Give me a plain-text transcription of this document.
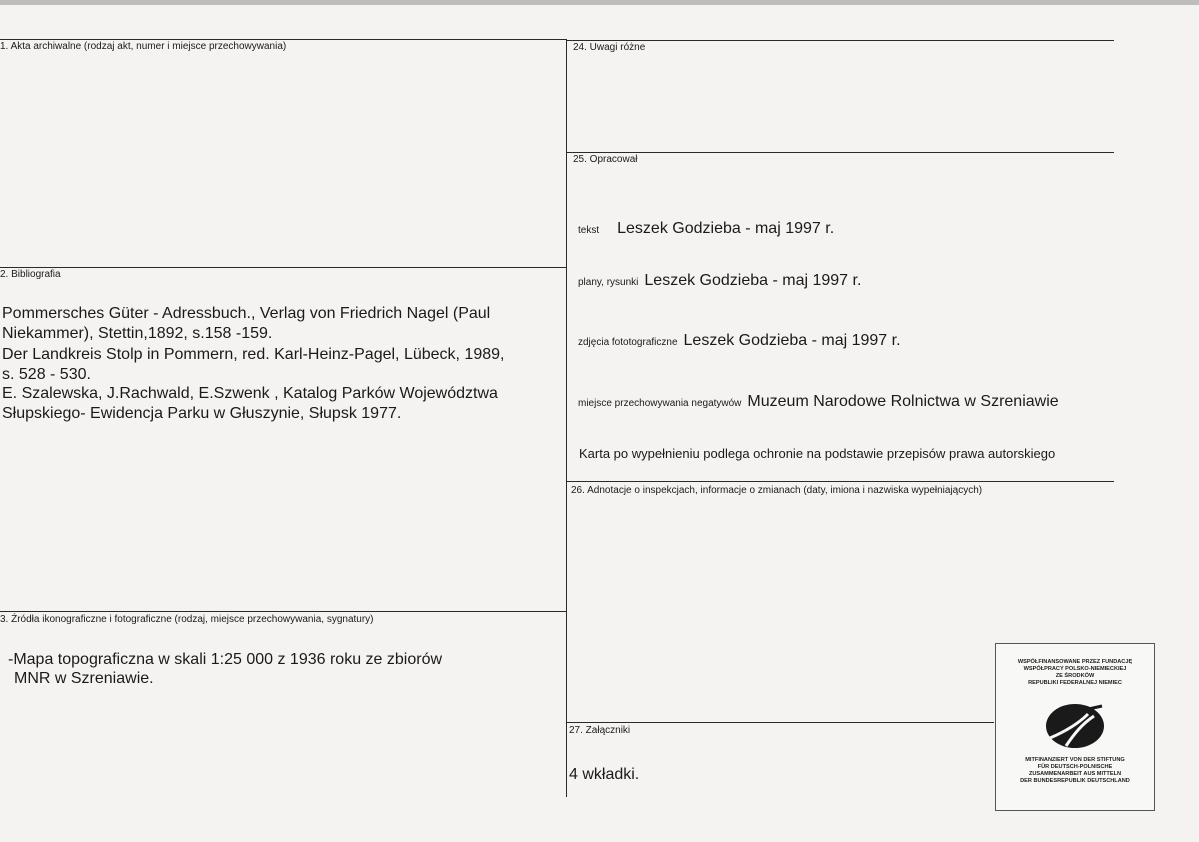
1. Akta archiwalne (rodzaj akt, numer i miejsce przechowywania)
2. Bibliografia
Pommersches Güter - Adressbuch., Verlag von Friedrich Nagel (Paul
Niekammer), Stettin,1892, s.158 -159.
Der Landkreis Stolp in Pommern, red. Karl-Heinz-Pagel, Lübeck, 1989,
s. 528 - 530.
E. Szalewska, J.Rachwald, E.Szwenk , Katalog Parków Województwa
Słupskiego- Ewidencja Parku w Głuszynie, Słupsk 1977.
3. Źródła ikonograficzne i fotograficzne (rodzaj, miejsce przechowywania, sygnatury)
-Mapa topograficzna w skali 1:25 000 z 1936 roku ze zbiorów
MNR w Szreniawie.
24. Uwagi różne
25. Opracował
tekst Leszek Godzieba - maj 1997 r.
plany, rysunki Leszek Godzieba - maj 1997 r.
zdjęcia fototograficzne Leszek Godzieba - maj 1997 r.
miejsce przechowywania negatywów Muzeum Narodowe Rolnictwa w Szreniawie
Karta po wypełnieniu podlega ochronie na podstawie przepisów prawa autorskiego
26. Adnotacje o inspekcjach, informacje o zmianach (daty, imiona i nazwiska wypełniających)
27. Załączniki
4 wkładki.
WSPÓŁFINANSOWANE PRZEZ FUNDACJĘ
WSPÓŁPRACY POLSKO-NIEMIECKIEJ
ZE ŚRODKÓW
REPUBLIKI FEDERALNEJ NIEMIEC
MITFINANZIERT VON DER STIFTUNG
FÜR DEUTSCH-POLNISCHE
ZUSAMMENARBEIT AUS MITTELN
DER BUNDESREPUBLIK DEUTSCHLAND
